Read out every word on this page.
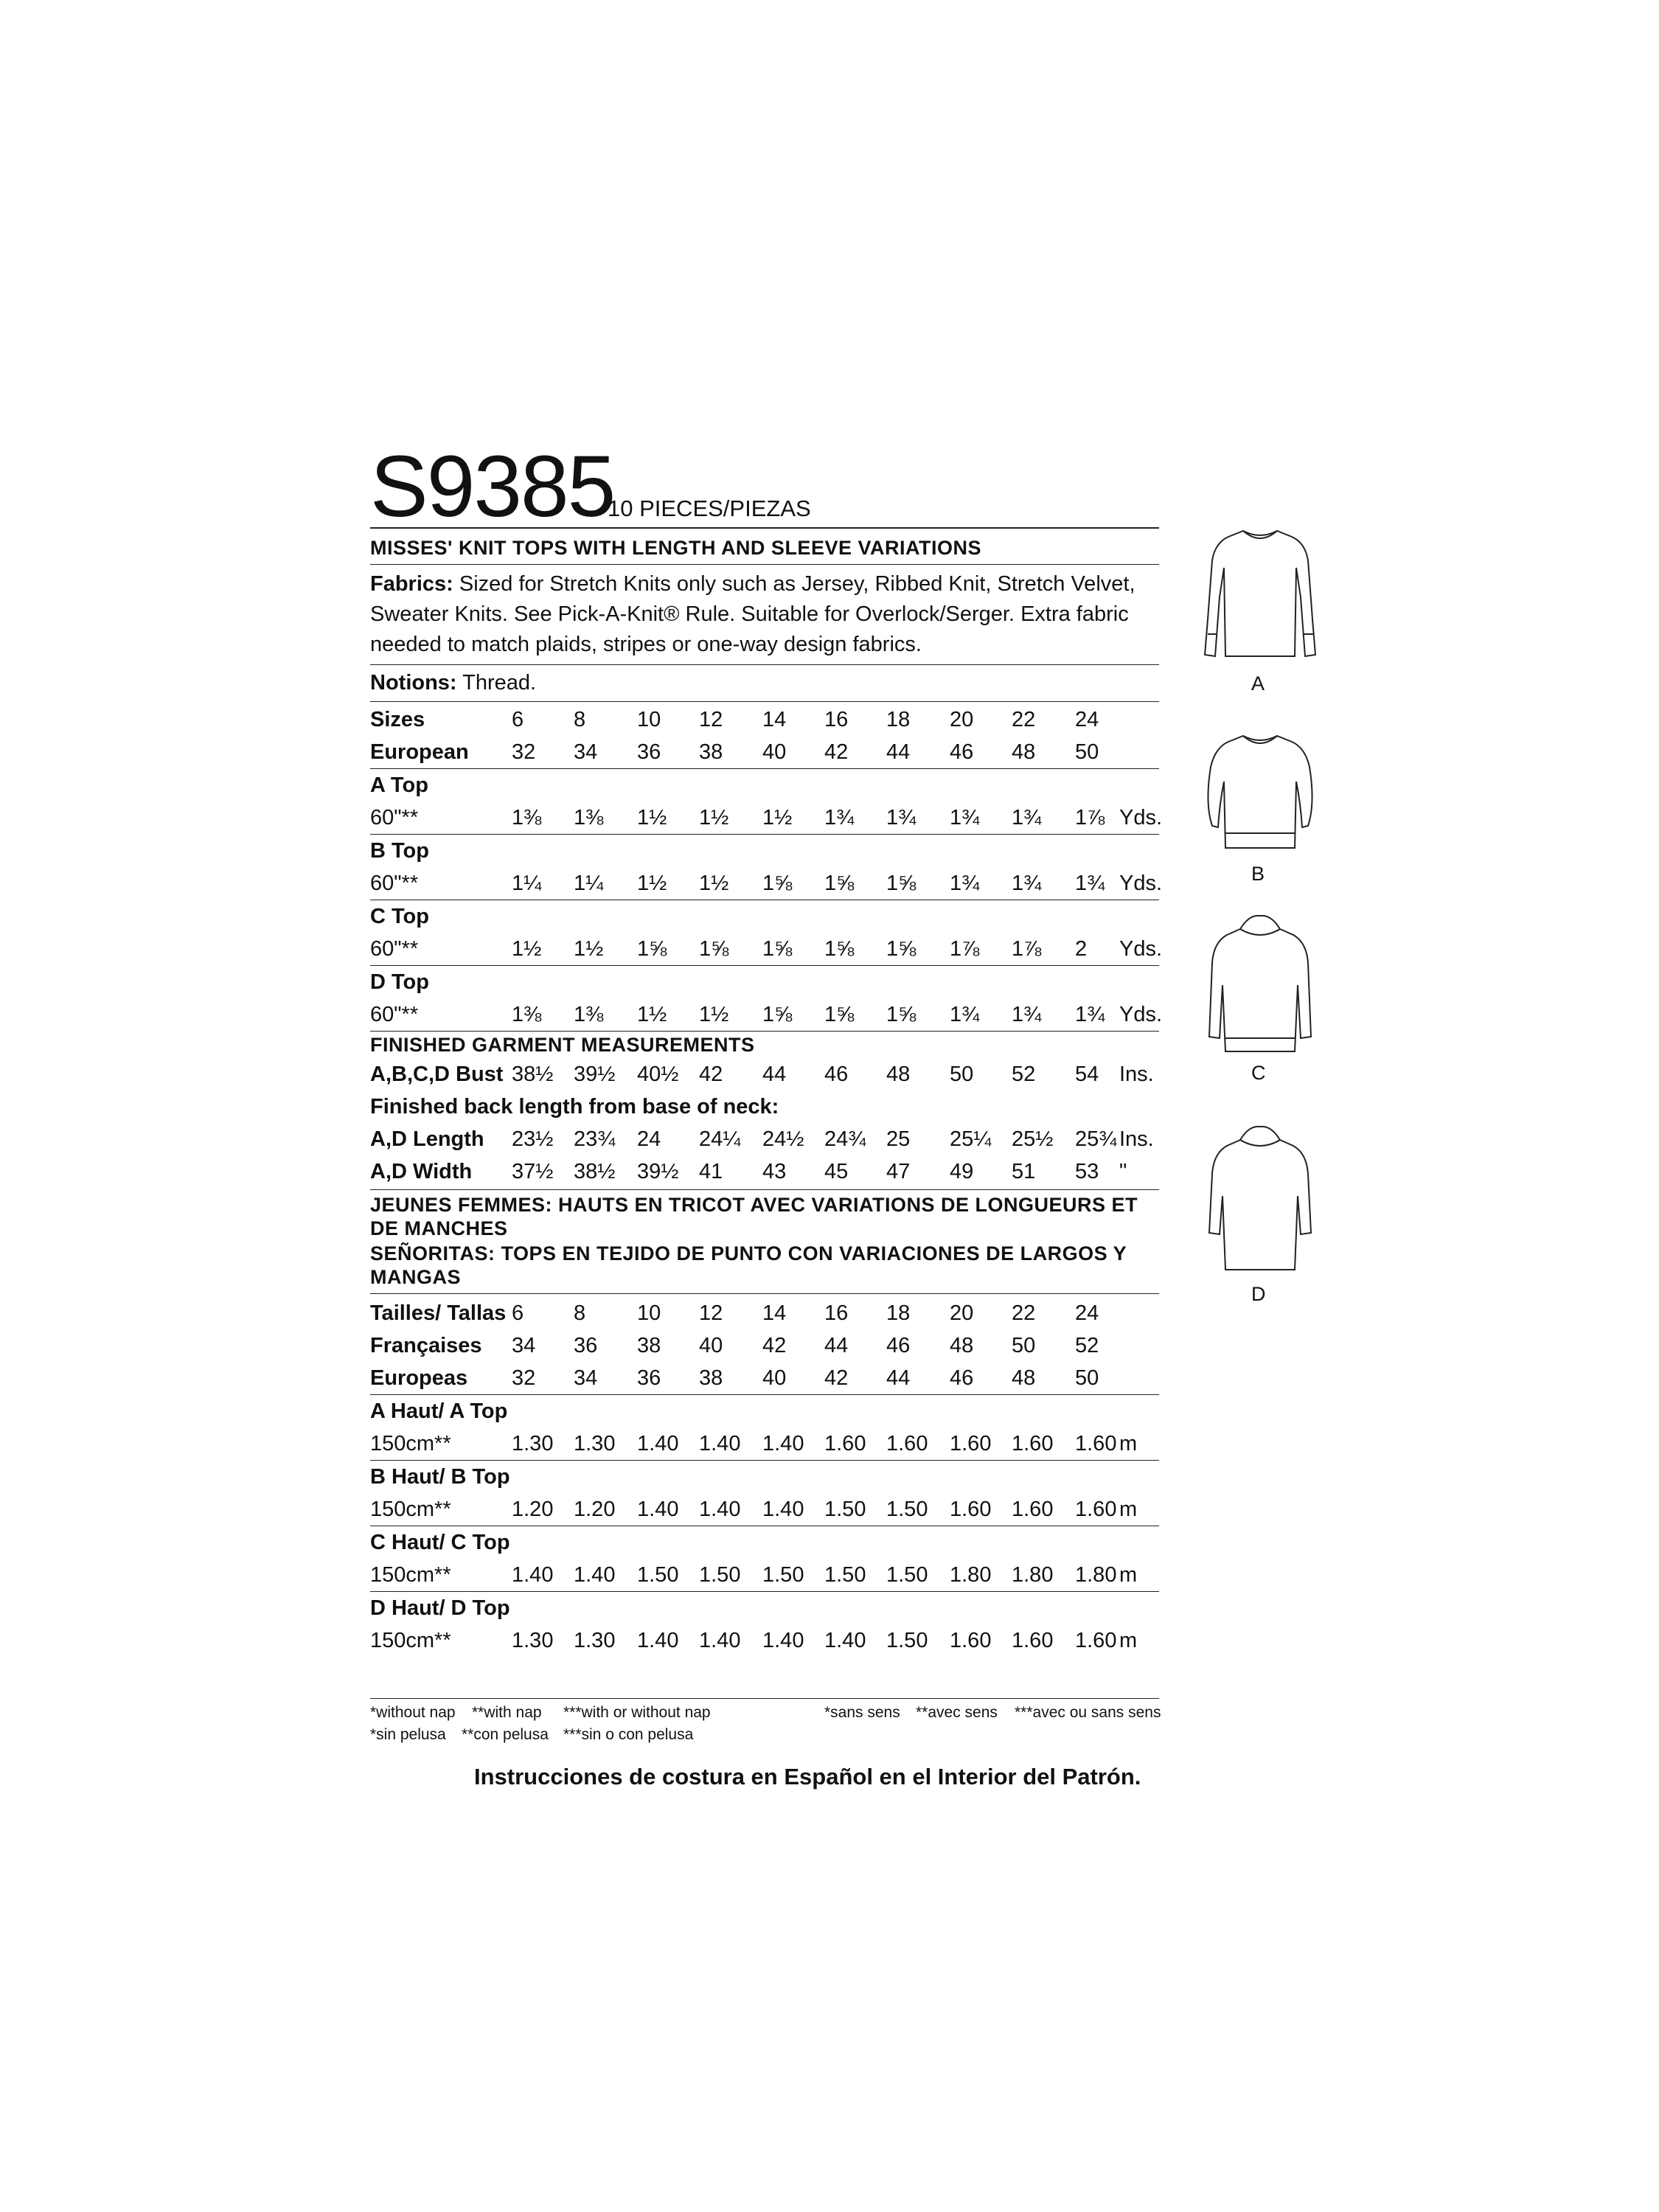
S9385
10 PIECES/PIEZAS
MISSES' KNIT TOPS WITH LENGTH AND SLEEVE VARIATIONS
Fabrics: Sized for Stretch Knits only such as Jersey, Ribbed Knit, Stretch Velvet, Sweater Knits. See Pick-A-Knit® Rule. Suitable for Overlock/Serger. Extra fabric needed to match plaids, stripes or one-way design fabrics.
Notions: Thread.
Sizes	6	8	10	12	14	16	18	20	22	24
European 32	34	36	38	40	42	44	46	48	50
A Top
60"**	1⅜	1⅜	1½	1½	1½	1¾	1¾	1¾	1¾	1⅞ Yds.
B Top
60"**	1¼	1¼	1½	1½	1⅝	1⅝	1⅝	1¾	1¾	1¾ Yds.
C Top
60"**	1½	1½	1⅝	1⅝	1⅝	1⅝	1⅝	1⅞	1⅞	2	Yds.
D Top
60"**	1⅜	1⅜	1½	1½	1⅝	1⅝	1⅝	1¾	1¾	1¾ Yds.
FINISHED GARMENT MEASUREMENTS
A,B,C,D Bust 38½ 39½ 40½ 42	44	46	48	50	52	54 Ins.
Finished back length from base of neck:
A,D Length 23½ 23¾ 24	24¼ 24½ 24¾ 25	25¼ 25½ 25¾ Ins.
A,D Width 37½ 38½ 39½ 41	43	45	47	49	51	53 "
JEUNES FEMMES: HAUTS EN TRICOT AVEC VARIATIONS DE LONGUEURS ET DE MANCHES
SEÑORITAS: TOPS EN TEJIDO DE PUNTO CON VARIACIONES DE LARGOS Y MANGAS
Tailles/ Tallas 6	8	10	12	14	16	18	20	22	24
Françaises 34	36	38	40	42	44	46	48	50	52
Europeas 32	34	36	38	40	42	44	46	48	50
A Haut/ A Top
150cm**	1.30 1.30 1.40 1.40 1.40 1.60 1.60 1.60 1.60 1.60 m
B Haut/ B Top
150cm**	1.20 1.20 1.40 1.40 1.40 1.50 1.50 1.60 1.60 1.60 m
C Haut/ C Top
150cm**	1.40 1.40 1.50 1.50 1.50 1.50 1.50 1.80 1.80 1.80 m
D Haut/ D Top
150cm**	1.30 1.30 1.40 1.40 1.40 1.40 1.50 1.60 1.60 1.60 m
*without nap **with nap ***with or without nap	*sans sens **avec sens ***avec ou sans sens
*sin pelusa **con pelusa ***sin o con pelusa
Instrucciones de costura en Español en el Interior del Patrón.
A
B
C
D
